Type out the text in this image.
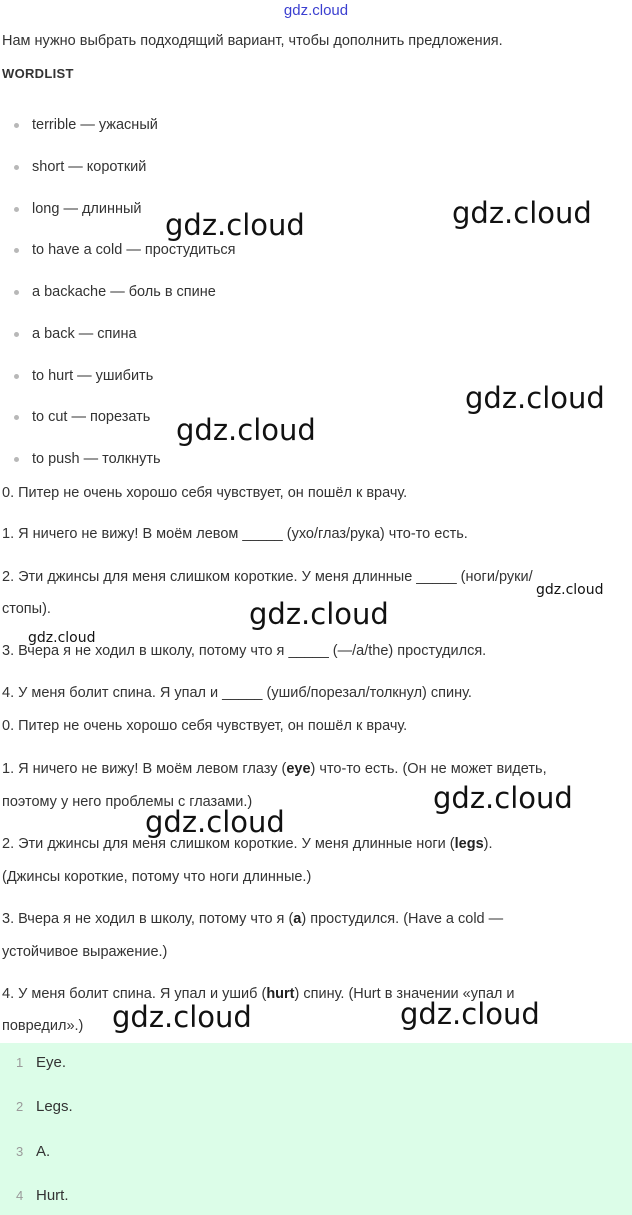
gdz.cloud
Нам нужно выбрать подходящий вариант, чтобы дополнить предложения.
WORDLIST
terrible — ужасный
short — короткий
long — длинный
to have a cold — простудиться
a backache — боль в спине
a back — спина
to hurt — ушибить
to cut — порезать
to push — толкнуть
0. Питер не очень хорошо себя чувствует, он пошёл к врачу.
1. Я ничего не вижу! В моём левом _____ (ухо/глаз/рука) что-то есть.
2. Эти джинсы для меня слишком короткие. У меня длинные _____ (ноги/руки/
стопы).
3. Вчера я не ходил в школу, потому что я _____ (—/a/the) простудился.
4. У меня болит спина. Я упал и _____ (ушиб/порезал/толкнул) спину.
0. Питер не очень хорошо себя чувствует, он пошёл к врачу.
1. Я ничего не вижу! В моём левом глазу (eye) что-то есть. (Он не может видеть,
поэтому у него проблемы с глазами.)
2. Эти джинсы для меня слишком короткие. У меня длинные ноги (legs).
(Джинсы короткие, потому что ноги длинные.)
3. Вчера я не ходил в школу, потому что я (a) простудился. (Have a cold —
устойчивое выражение.)
4. У меня болит спина. Я упал и ушиб (hurt) спину. (Hurt в значении «упал и
повредил».)
1 Eye.
2 Legs.
3 A.
4 Hurt.
gdz.cloud	gdz.cloud
gdz.cloud
gdz.cloud
gdz.cloud
gdz.cloud
gdz.cloud
gdz.cloud
gdz.cloud
gdz.cloud	gdz.cloud
